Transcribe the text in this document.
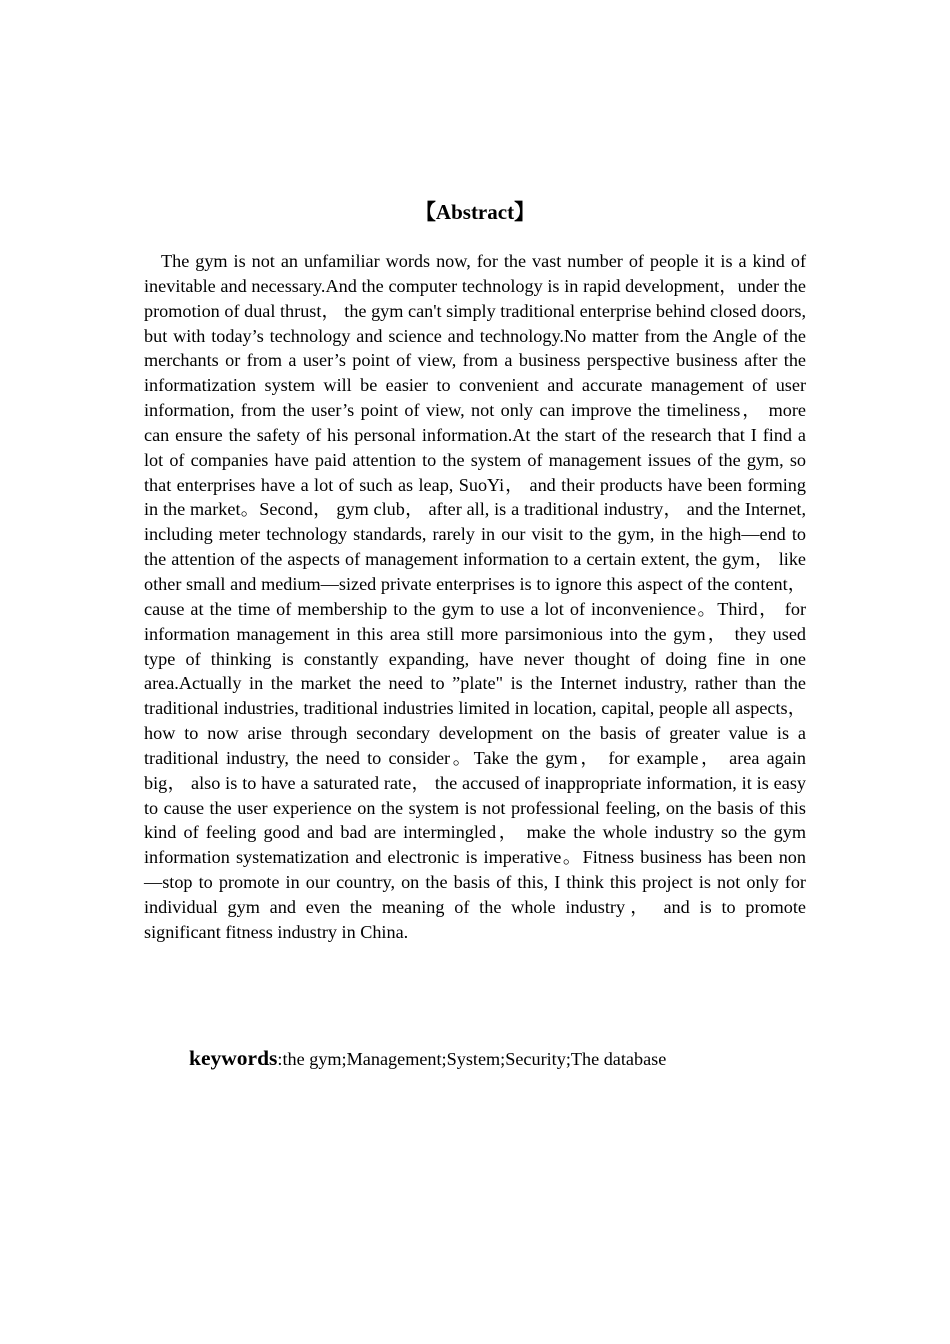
【Abstract】

The gym is not an unfamiliar words now, for the vast number of people it is a kind of inevitable and necessary.And the computer technology is in rapid development，under the promotion of dual thrust， the gym can't simply traditional enterprise behind closed doors, but with today’s technology and science and technology.No matter from the Angle of the merchants or from a user’s point of view, from a business perspective business after the informatization system will be easier to convenient and accurate management of user information, from the user’s point of view, not only can improve the timeliness， more can ensure the safety of his personal information.At the start of the research that I find a lot of companies have paid attention to the system of management issues of the gym, so that enterprises have a lot of such as leap, SuoYi， and their products have been forming in the market。Second， gym club， after all, is a traditional industry， and the Internet, including meter technology standards, rarely in our visit to the gym, in the high—end to the attention of the aspects of management information to a certain extent, the gym， like other small and medium—sized private enterprises is to ignore this aspect of the content， cause at the time of membership to the gym to use a lot of inconvenience。Third， for information management in this area still more parsimonious into the gym， they used type of thinking is constantly expanding, have never thought of doing fine in one area.Actually in the market the need to ”plate" is the Internet industry, rather than the traditional industries, traditional industries limited in location, capital, people all aspects， how to now arise through secondary development on the basis of greater value is a traditional industry, the need to consider。Take the gym， for example， area again big， also is to have a saturated rate， the accused of inappropriate information, it is easy to cause the user experience on the system is not professional feeling, on the basis of this kind of feeling good and bad are intermingled， make the whole industry so the gym information systematization and electronic is imperative。Fitness business has been non—stop to promote in our country, on the basis of this, I think this project is not only for individual gym and even the meaning of the whole industry， and is to promote significant fitness industry in China.

keywords:the gym;Management;System;Security;The database
